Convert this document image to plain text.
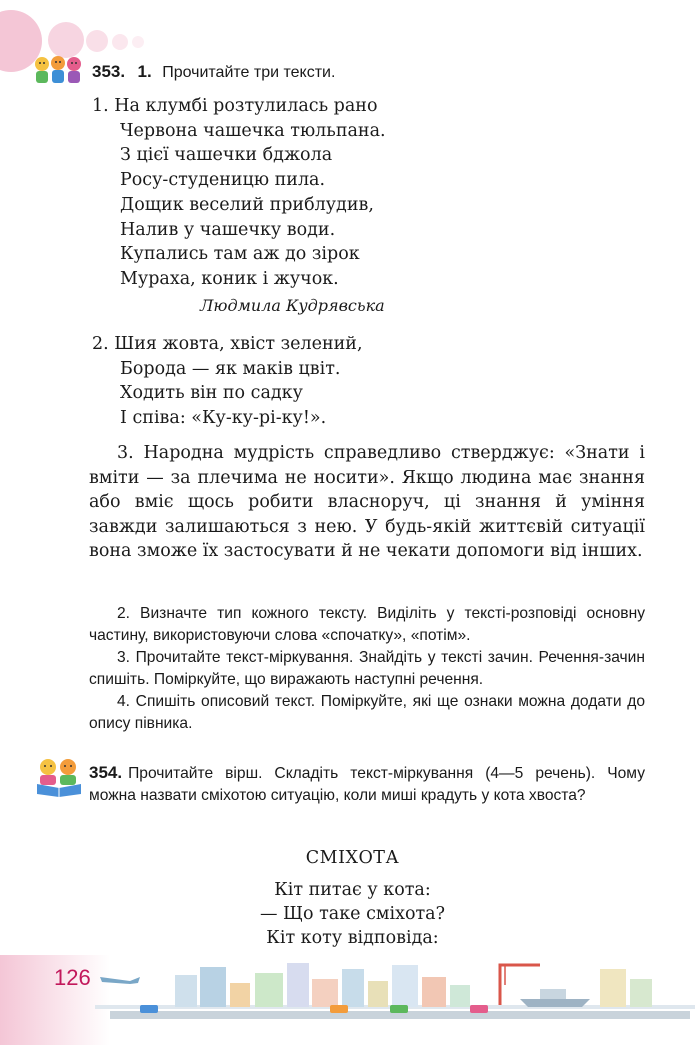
353. 1. Прочитайте три тексти.
1. На клумбі розтулилась рано
Червона чашечка тюльпана.
З цієї чашечки бджола
Росу-студеницю пила.
Дощик веселий приблудив,
Налив у чашечку води.
Купались там аж до зірок
Мураха, коник і жучок.
Людмила Кудрявська
2. Шия жовта, хвіст зелений,
Борода — як маків цвіт.
Ходить він по садку
І співа: «Ку-ку-рі-ку!».

3. Народна мудрість справедливо стверджує: «Знати і вміти — за плечима не носити». Якщо людина має знання або вміє щось робити власноруч, ці знання й уміння завжди залишаються з нею. У будь-якій життєвій ситуації вона зможе їх застосувати й не чекати допомоги від інших.

2. Визначте тип кожного тексту. Виділіть у тексті-розповіді основну частину, використовуючи слова «спочатку», «потім».

3. Прочитайте текст-міркування. Знайдіть у тексті зачин. Речення-зачин спишіть. Поміркуйте, що виражають наступні речення.

4. Спишіть описовий текст. Поміркуйте, які ще ознаки можна додати до опису півника.

354. Прочитайте вірш. Складіть текст-міркування (4—5 речень). Чому можна назвати сміхотою ситуацію, коли миші крадуть у кота хвоста?
СМІХОТА
Кіт питає у кота:
— Що таке сміхота?
Кіт коту відповіда:
126
